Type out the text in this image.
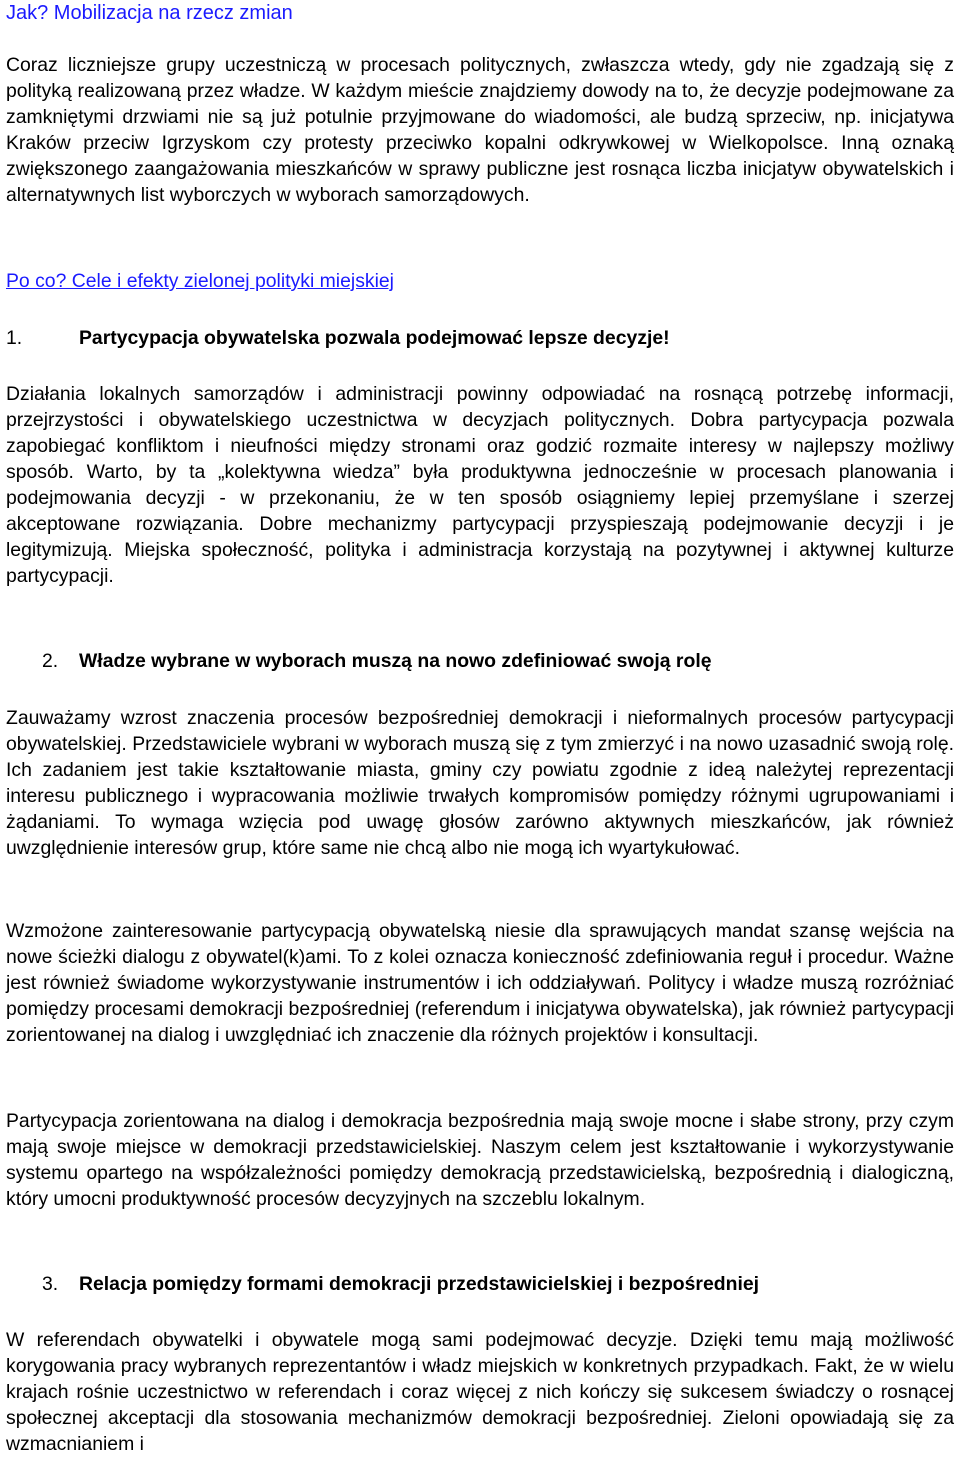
Jak? Mobilizacja na rzecz zmian

Coraz liczniejsze grupy uczestniczą w procesach politycznych, zwłaszcza wtedy, gdy nie zgadzają się z polityką realizowaną przez władze. W każdym mieście znajdziemy dowody na to, że decyzje podejmowane za zamkniętymi drzwiami nie są już potulnie przyjmowane do wiadomości, ale budzą sprzeciw, np. inicjatywa Kraków przeciw Igrzyskom czy protesty przeciwko kopalni odkrywkowej w Wielkopolsce. Inną oznaką zwiększonego zaangażowania mieszkańców w sprawy publiczne jest rosnąca liczba inicjatyw obywatelskich i alternatywnych list wyborczych w wyborach samorządowych.

Po co? Cele i efekty zielonej polityki miejskiej
1.	Partycypacja obywatelska pozwala podejmować lepsze decyzje!

Działania lokalnych samorządów i administracji powinny odpowiadać na rosnącą potrzebę informacji, przejrzystości i obywatelskiego uczestnictwa w decyzjach politycznych. Dobra partycypacja pozwala zapobiegać konfliktom i nieufności między stronami oraz godzić rozmaite interesy w najlepszy możliwy sposób. Warto, by ta „kolektywna wiedza” była produktywna jednocześnie w procesach planowania i podejmowania decyzji - w przekonaniu, że w ten sposób osiągniemy lepiej przemyślane i szerzej akceptowane rozwiązania. Dobre mechanizmy partycypacji przyspieszają podejmowanie decyzji i je legitymizują. Miejska społeczność, polityka i administracja korzystają na pozytywnej i aktywnej kulturze partycypacji.

2.	Władze wybrane w wyborach muszą na nowo zdefiniować swoją rolę

Zauważamy wzrost znaczenia procesów bezpośredniej demokracji i nieformalnych procesów partycypacji obywatelskiej. Przedstawiciele wybrani w wyborach muszą się z tym zmierzyć i na nowo uzasadnić swoją rolę. Ich zadaniem jest takie kształtowanie miasta, gminy czy powiatu zgodnie z ideą należytej reprezentacji interesu publicznego i wypracowania możliwie trwałych kompromisów pomiędzy różnymi ugrupowaniami i żądaniami. To wymaga wzięcia pod uwagę głosów zarówno aktywnych mieszkańców, jak również uwzględnienie interesów grup, które same nie chcą albo nie mogą ich wyartykułować.

Wzmożone zainteresowanie partycypacją obywatelską niesie dla sprawujących mandat szansę wejścia na nowe ścieżki dialogu z obywatel(k)ami. To z kolei oznacza konieczność zdefiniowania reguł i procedur. Ważne jest również świadome wykorzystywanie instrumentów i ich oddziaływań. Politycy i władze muszą rozróżniać pomiędzy procesami demokracji bezpośredniej (referendum i inicjatywa obywatelska), jak również partycypacji zorientowanej na dialog i uwzględniać ich znaczenie dla różnych projektów i konsultacji.

Partycypacja zorientowana na dialog i demokracja bezpośrednia mają swoje mocne i słabe strony, przy czym mają swoje miejsce w demokracji przedstawicielskiej. Naszym celem jest kształtowanie i wykorzystywanie systemu opartego na współzależności pomiędzy demokracją przedstawicielską, bezpośrednią i dialogiczną, który umocni produktywność procesów decyzyjnych na szczeblu lokalnym.

3.	Relacja pomiędzy formami demokracji przedstawicielskiej i bezpośredniej

W referendach obywatelki i obywatele mogą sami podejmować decyzje. Dzięki temu mają możliwość korygowania pracy wybranych reprezentantów i władz miejskich w konkretnych przypadkach. Fakt, że w wielu krajach rośnie uczestnictwo w referendach i coraz więcej z nich kończy się sukcesem świadczy o rosnącej społecznej akceptacji dla stosowania mechanizmów demokracji bezpośredniej. Zieloni opowiadają się za wzmacnianiem i
